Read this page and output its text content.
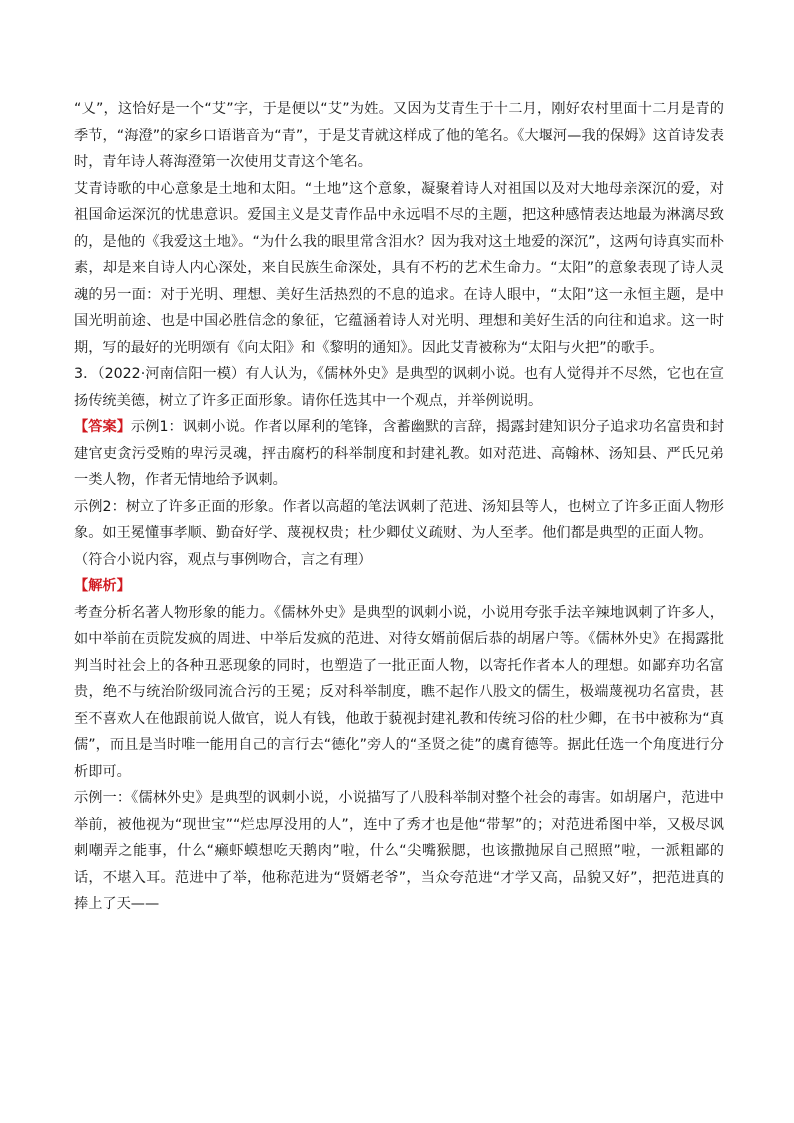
“乂”，这恰好是一个“艾”字，于是便以“艾”为姓。又因为艾青生于十二月，刚好农村里面十二月是青的季节，“海澄”的家乡口语谐音为“青”，于是艾青就这样成了他的笔名。《大堰河—我的保姆》这首诗发表时，青年诗人蒋海澄第一次使用艾青这个笔名。

艾青诗歌的中心意象是土地和太阳。“土地”这个意象，凝聚着诗人对祖国以及对大地母亲深沉的爱，对祖国命运深沉的忧患意识。爱国主义是艾青作品中永远唱不尽的主题，把这种感情表达地最为淋漓尽致的，是他的《我爱这土地》。“为什么我的眼里常含泪水？因为我对这土地爱的深沉”，这两句诗真实而朴素，却是来自诗人内心深处，来自民族生命深处，具有不朽的艺术生命力。“太阳”的意象表现了诗人灵魂的另一面：对于光明、理想、美好生活热烈的不息的追求。在诗人眼中，“太阳”这一永恒主题，是中国光明前途、也是中国必胜信念的象征，它蕴涵着诗人对光明、理想和美好生活的向往和追求。这一时期，写的最好的光明颂有《向太阳》和《黎明的通知》。因此艾青被称为“太阳与火把”的歌手。

3．（2022·河南信阳一模）有人认为，《儒林外史》是典型的讽刺小说。也有人觉得并不尽然，它也在宣扬传统美德，树立了许多正面形象。请你任选其中一个观点，并举例说明。

【答案】示例1：讽刺小说。作者以犀利的笔锋，含蓄幽默的言辞，揭露封建知识分子追求功名富贵和封建官吏贪污受贿的卑污灵魂，抨击腐朽的科举制度和封建礼教。如对范进、高翰林、汤知县、严氏兄弟一类人物，作者无情地给予讽刺。

示例2：树立了许多正面的形象。作者以高超的笔法讽刺了范进、汤知县等人，也树立了许多正面人物形象。如王冕懂事孝顺、勤奋好学、蔑视权贵；杜少卿仗义疏财、为人至孝。他们都是典型的正面人物。

（符合小说内容，观点与事例吻合，言之有理）

【解析】

考查分析名著人物形象的能力。《儒林外史》是典型的讽刺小说，小说用夸张手法辛辣地讽刺了许多人，如中举前在贡院发疯的周进、中举后发疯的范进、对待女婿前倨后恭的胡屠户等。《儒林外史》在揭露批判当时社会上的各种丑恶现象的同时，也塑造了一批正面人物，以寄托作者本人的理想。如鄙弃功名富贵，绝不与统治阶级同流合污的王冕；反对科举制度，瞧不起作八股文的儒生，极端蔑视功名富贵，甚至不喜欢人在他跟前说人做官，说人有钱，他敢于藐视封建礼教和传统习俗的杜少卿，在书中被称为“真儒”，而且是当时唯一能用自己的言行去“德化”旁人的“圣贤之徒”的虞育德等。据此任选一个角度进行分析即可。

示例一：《儒林外史》是典型的讽刺小说，小说描写了八股科举制对整个社会的毒害。如胡屠户，范进中举前，被他视为“现世宝”“烂忠厚没用的人”，连中了秀才也是他“带挈”的；对范进希图中举，又极尽讽刺嘲弄之能事，什么“癞虾蟆想吃天鹅肉”啦，什么“尖嘴猴腮，也该撒抛尿自己照照”啦，一派粗鄙的话，不堪入耳。范进中了举，他称范进为“贤婿老爷”，当众夸范进“才学又高，品貌又好”，把范进真的捧上了天——
